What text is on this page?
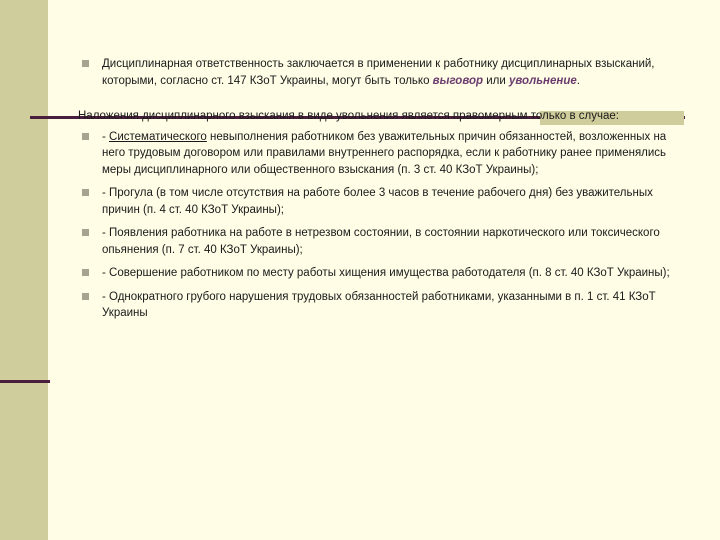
Дисциплинарная ответственность заключается в применении к работнику дисциплинарных взысканий, которыми, согласно ст. 147 КЗоТ Украины, могут быть только выговор или увольнение.

Наложения дисциплинарного взыскания в виде увольнения является правомерным только в случае:

- Систематического невыполнения работником без уважительных причин обязанностей, возложенных на него трудовым договором или правилами внутреннего распорядка, если к работнику ранее применялись меры дисциплинарного или общественного взыскания (п. 3 ст. 40 КЗоТ Украины);
- Прогула (в том числе отсутствия на работе более 3 часов в течение рабочего дня) без уважительных причин (п. 4 ст. 40 КЗоТ Украины);
- Появления работника на работе в нетрезвом состоянии, в состоянии наркотического или токсического опьянения (п. 7 ст. 40 КЗоТ Украины);
- Совершение работником по месту работы хищения имущества работодателя (п. 8 ст. 40 КЗоТ Украины);
- Однократного грубого нарушения трудовых обязанностей работниками, указанными в п. 1 ст. 41 КЗоТ Украины
